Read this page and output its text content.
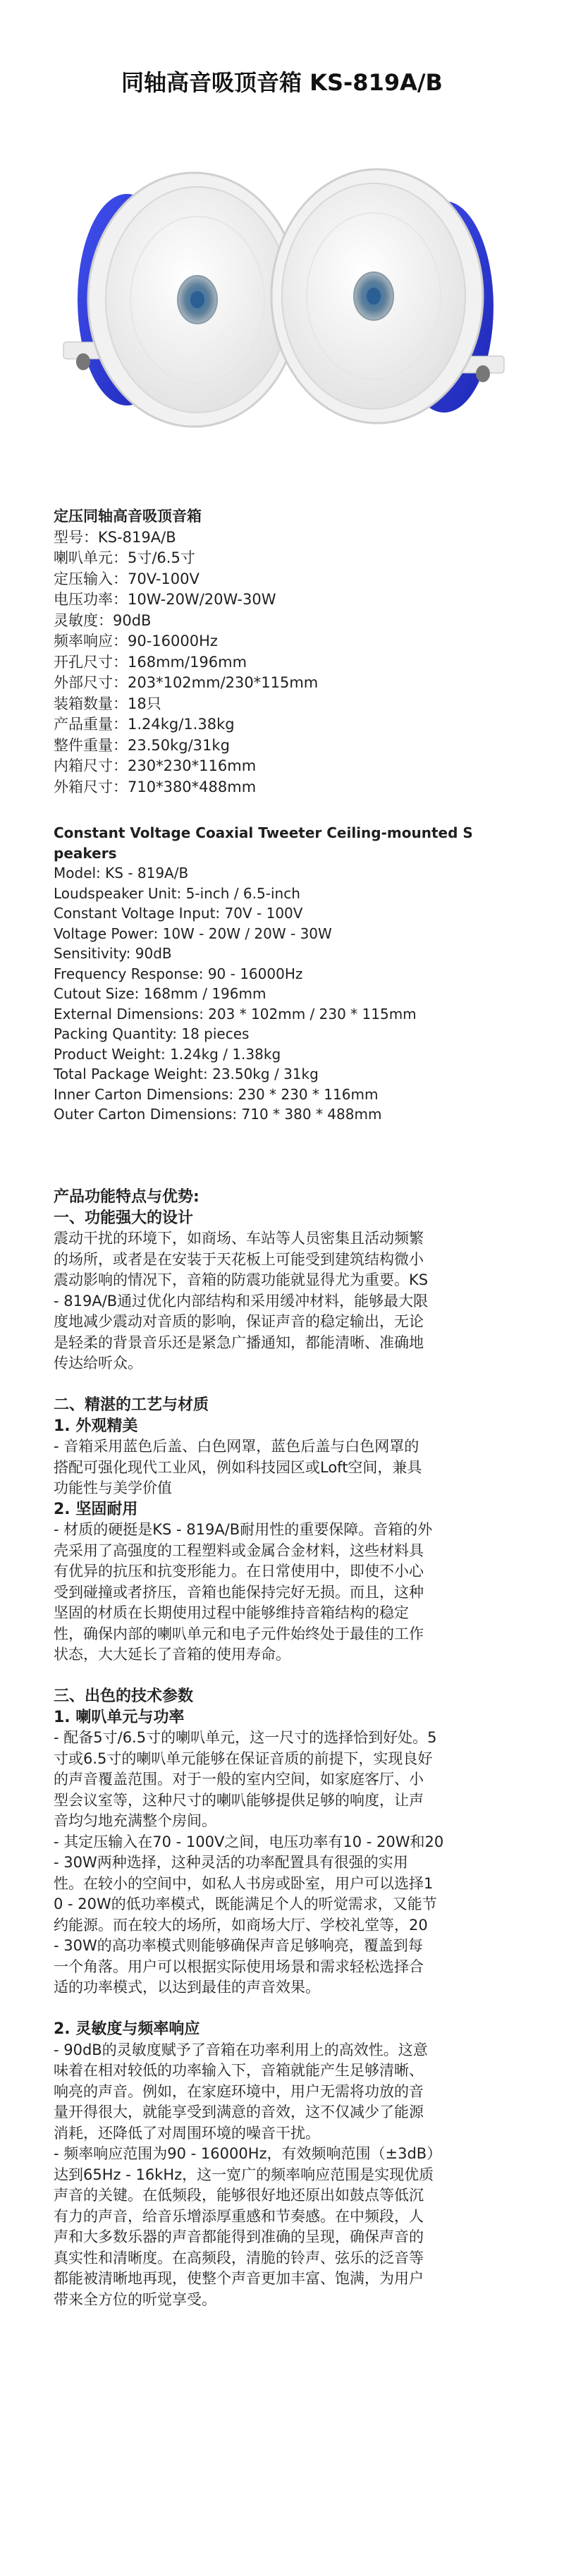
同轴高音吸顶音箱 KS-819A/B
定压同轴高音吸顶音箱
型号：KS-819A/B
喇叭单元：5寸/6.5寸
定压输入：70V-100V
电压功率：10W-20W/20W-30W
灵敏度：90dB
频率响应：90-16000Hz
开孔尺寸：168mm/196mm
外部尺寸：203*102mm/230*115mm
装箱数量：18只
产品重量：1.24kg/1.38kg
整件重量：23.50kg/31kg
内箱尺寸：230*230*116mm
外箱尺寸：710*380*488mm
Constant Voltage Coaxial Tweeter Ceiling-mounted S
peakers
Model: KS - 819A/B
Loudspeaker Unit: 5-inch / 6.5-inch
Constant Voltage Input: 70V - 100V
Voltage Power: 10W - 20W / 20W - 30W
Sensitivity: 90dB
Frequency Response: 90 - 16000Hz
Cutout Size: 168mm / 196mm
External Dimensions: 203 * 102mm / 230 * 115mm
Packing Quantity: 18 pieces
Product Weight: 1.24kg / 1.38kg
Total Package Weight: 23.50kg / 31kg
Inner Carton Dimensions: 230 * 230 * 116mm
Outer Carton Dimensions: 710 * 380 * 488mm
产品功能特点与优势:
一、功能强大的设计
震动干扰的环境下，如商场、车站等人员密集且活动频繁
的场所，或者是在安装于天花板上可能受到建筑结构微小
震动影响的情况下，音箱的防震功能就显得尤为重要。KS
- 819A/B通过优化内部结构和采用缓冲材料，能够最大限
度地减少震动对音质的影响，保证声音的稳定输出，无论
是轻柔的背景音乐还是紧急广播通知，都能清晰、准确地
传达给听众。
二、精湛的工艺与材质
1. 外观精美
- 音箱采用蓝色后盖、白色网罩，蓝色后盖与白色网罩的
搭配可强化现代工业风，例如科技园区或Loft空间，兼具
功能性与美学价值
2. 坚固耐用
- 材质的硬挺是KS - 819A/B耐用性的重要保障。音箱的外
壳采用了高强度的工程塑料或金属合金材料，这些材料具
有优异的抗压和抗变形能力。在日常使用中，即使不小心
受到碰撞或者挤压，音箱也能保持完好无损。而且，这种
坚固的材质在长期使用过程中能够维持音箱结构的稳定
性，确保内部的喇叭单元和电子元件始终处于最佳的工作
状态，大大延长了音箱的使用寿命。
三、出色的技术参数
1. 喇叭单元与功率
- 配备5寸/6.5寸的喇叭单元，这一尺寸的选择恰到好处。5
寸或6.5寸的喇叭单元能够在保证音质的前提下，实现良好
的声音覆盖范围。对于一般的室内空间，如家庭客厅、小
型会议室等，这种尺寸的喇叭能够提供足够的响度，让声
音均匀地充满整个房间。
- 其定压输入在70 - 100V之间，电压功率有10 - 20W和20
- 30W两种选择，这种灵活的功率配置具有很强的实用
性。在较小的空间中，如私人书房或卧室，用户可以选择1
0 - 20W的低功率模式，既能满足个人的听觉需求，又能节
约能源。而在较大的场所，如商场大厅、学校礼堂等，20
- 30W的高功率模式则能够确保声音足够响亮，覆盖到每
一个角落。用户可以根据实际使用场景和需求轻松选择合
适的功率模式，以达到最佳的声音效果。
2. 灵敏度与频率响应
- 90dB的灵敏度赋予了音箱在功率利用上的高效性。这意
味着在相对较低的功率输入下，音箱就能产生足够清晰、
响亮的声音。例如，在家庭环境中，用户无需将功放的音
量开得很大，就能享受到满意的音效，这不仅减少了能源
消耗，还降低了对周围环境的噪音干扰。
- 频率响应范围为90 - 16000Hz，有效频响范围（±3dB）
达到65Hz - 16kHz，这一宽广的频率响应范围是实现优质
声音的关键。在低频段，能够很好地还原出如鼓点等低沉
有力的声音，给音乐增添厚重感和节奏感。在中频段，人
声和大多数乐器的声音都能得到准确的呈现，确保声音的
真实性和清晰度。在高频段，清脆的铃声、弦乐的泛音等
都能被清晰地再现，使整个声音更加丰富、饱满，为用户
带来全方位的听觉享受。
